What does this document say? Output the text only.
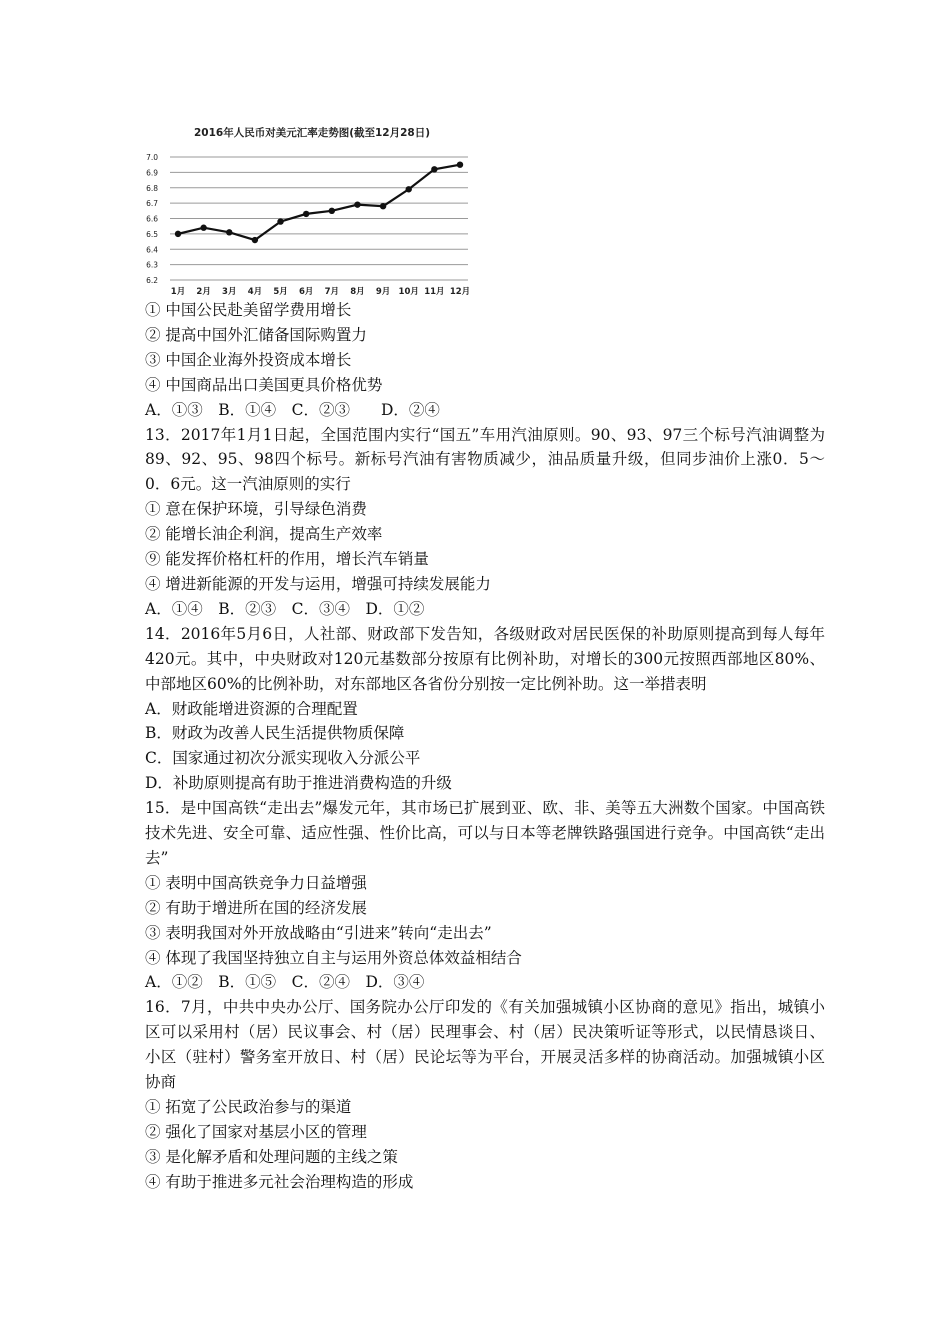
2016年人民币对美元汇率走势图(截至12月28日)
6.2
6.3
6.4
6.5
6.6
6.7
6.8
6.9
7.0
1月 2月 3月 4月 5月 6月 7月 8月 9月 10月 11月 12月
① 中国公民赴美留学费用增长
② 提高中国外汇储备国际购置力
③ 中国企业海外投资成本增长
④ 中国商品出口美国更具价格优势
A．①③　B．①④　C．②③　　D．②④
13．2017年1月1日起，全国范围内实行“国五”车用汽油原则。90、93、97三个标号汽油调整为89、92、95、98四个标号。新标号汽油有害物质减少，油品质量升级，但同步油价上涨0．5～0．6元。这一汽油原则的实行
① 意在保护环境，引导绿色消费
② 能增长油企利润，提高生产效率
⑨ 能发挥价格杠杆的作用，增长汽车销量
④ 增进新能源的开发与运用，增强可持续发展能力
A．①④　B．②③　C．③④　D．①②
14．2016年5月6日，人社部、财政部下发告知，各级财政对居民医保的补助原则提高到每人每年420元。其中，中央财政对120元基数部分按原有比例补助，对增长的300元按照西部地区80%、中部地区60%的比例补助，对东部地区各省份分别按一定比例补助。这一举措表明
A．财政能增进资源的合理配置
B．财政为改善人民生活提供物质保障
C．国家通过初次分派实现收入分派公平
D．补助原则提高有助于推进消费构造的升级
15．是中国高铁“走出去”爆发元年，其市场已扩展到亚、欧、非、美等五大洲数个国家。中国高铁技术先进、安全可靠、适应性强、性价比高，可以与日本等老牌铁路强国进行竞争。中国高铁“走出去”
① 表明中国高铁竞争力日益增强
② 有助于增进所在国的经济发展
③ 表明我国对外开放战略由“引进来”转向“走出去”
④ 体现了我国坚持独立自主与运用外资总体效益相结合
A．①②　B．①⑤　C．②④　D．③④
16．7月，中共中央办公厅、国务院办公厅印发的《有关加强城镇小区协商的意见》指出，城镇小区可以采用村（居）民议事会、村（居）民理事会、村（居）民决策听证等形式，以民情恳谈日、小区（驻村）警务室开放日、村（居）民论坛等为平台，开展灵活多样的协商活动。加强城镇小区协商
① 拓宽了公民政治参与的渠道
② 强化了国家对基层小区的管理
③ 是化解矛盾和处理问题的主线之策
④ 有助于推进多元社会治理构造的形成
